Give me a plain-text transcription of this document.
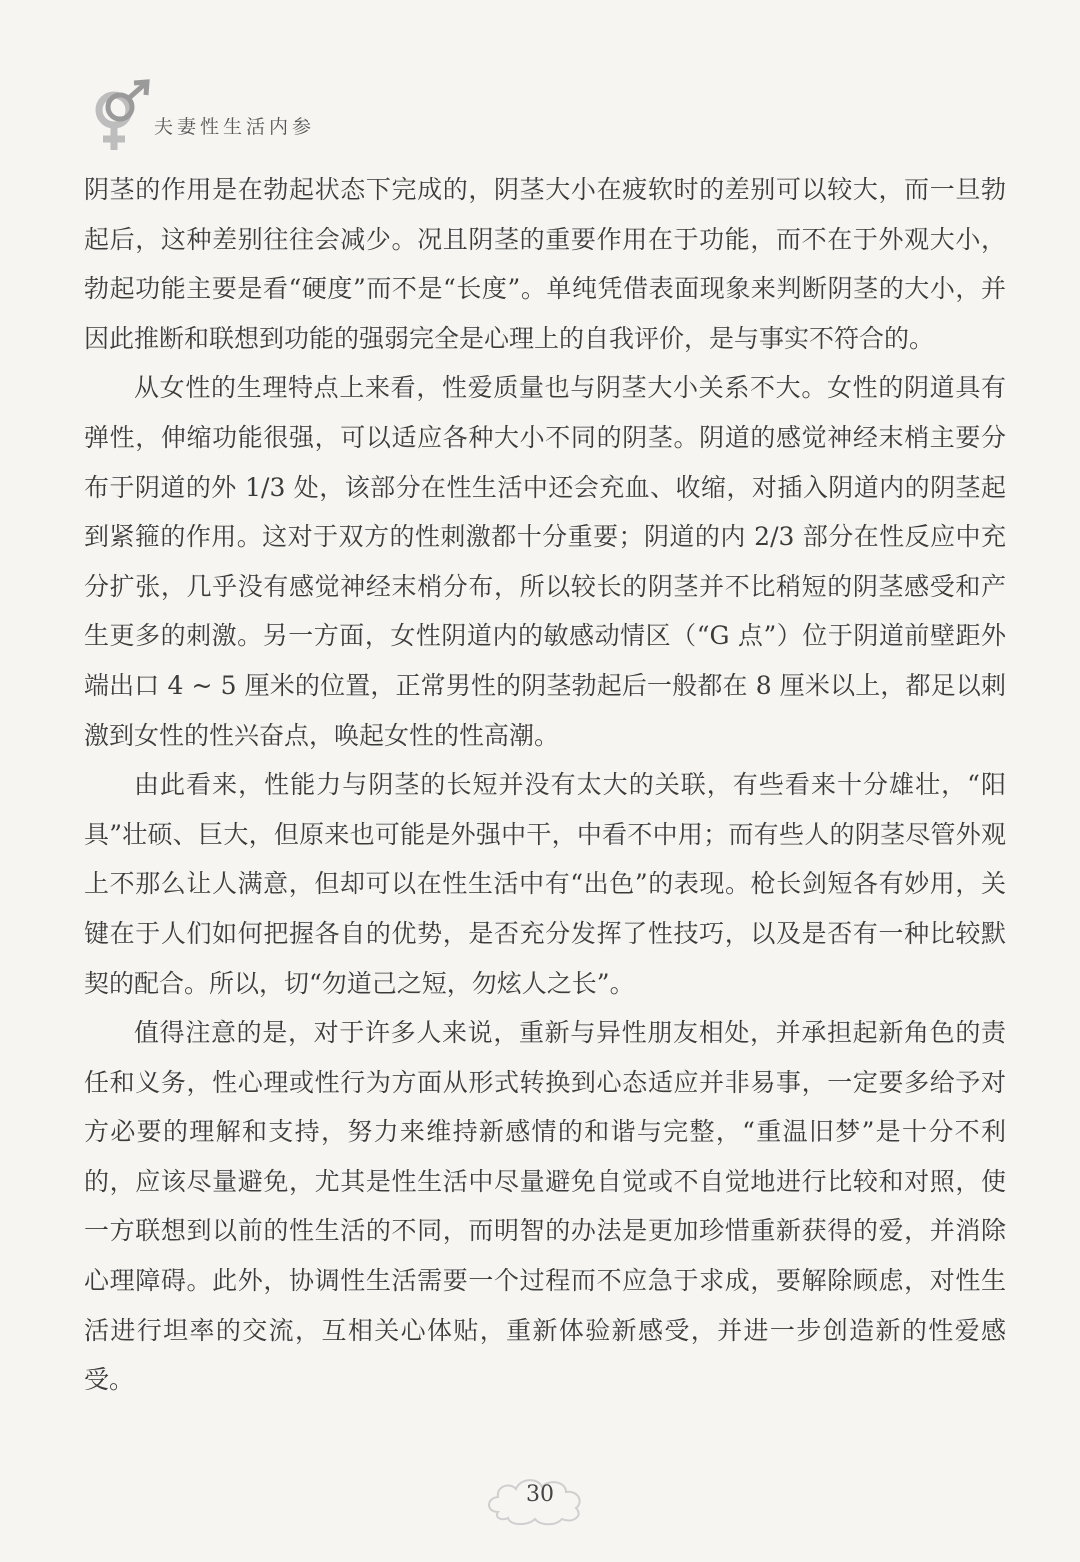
夫妻性生活内参

阴茎的作用是在勃起状态下完成的，阴茎大小在疲软时的差别可以较大，而一旦勃起后，这种差别往往会减少。况且阴茎的重要作用在于功能，而不在于外观大小，勃起功能主要是看“硬度”而不是“长度”。单纯凭借表面现象来判断阴茎的大小，并因此推断和联想到功能的强弱完全是心理上的自我评价，是与事实不符合的。

从女性的生理特点上来看，性爱质量也与阴茎大小关系不大。女性的阴道具有弹性，伸缩功能很强，可以适应各种大小不同的阴茎。阴道的感觉神经末梢主要分布于阴道的外 1/3 处，该部分在性生活中还会充血、收缩，对插入阴道内的阴茎起到紧箍的作用。这对于双方的性刺激都十分重要；阴道的内 2/3 部分在性反应中充分扩张，几乎没有感觉神经末梢分布，所以较长的阴茎并不比稍短的阴茎感受和产生更多的刺激。另一方面，女性阴道内的敏感动情区（“G 点”）位于阴道前壁距外端出口 4 ~ 5 厘米的位置，正常男性的阴茎勃起后一般都在 8 厘米以上，都足以刺激到女性的性兴奋点，唤起女性的性高潮。

由此看来，性能力与阴茎的长短并没有太大的关联，有些看来十分雄壮，“阳具”壮硕、巨大，但原来也可能是外强中干，中看不中用；而有些人的阴茎尽管外观上不那么让人满意，但却可以在性生活中有“出色”的表现。枪长剑短各有妙用，关键在于人们如何把握各自的优势，是否充分发挥了性技巧，以及是否有一种比较默契的配合。所以，切“勿道己之短，勿炫人之长”。

值得注意的是，对于许多人来说，重新与异性朋友相处，并承担起新角色的责任和义务，性心理或性行为方面从形式转换到心态适应并非易事，一定要多给予对方必要的理解和支持，努力来维持新感情的和谐与完整，“重温旧梦”是十分不利的，应该尽量避免，尤其是性生活中尽量避免自觉或不自觉地进行比较和对照，使一方联想到以前的性生活的不同，而明智的办法是更加珍惜重新获得的爱，并消除心理障碍。此外，协调性生活需要一个过程而不应急于求成，要解除顾虑，对性生活进行坦率的交流，互相关心体贴，重新体验新感受，并进一步创造新的性爱感受。

30
